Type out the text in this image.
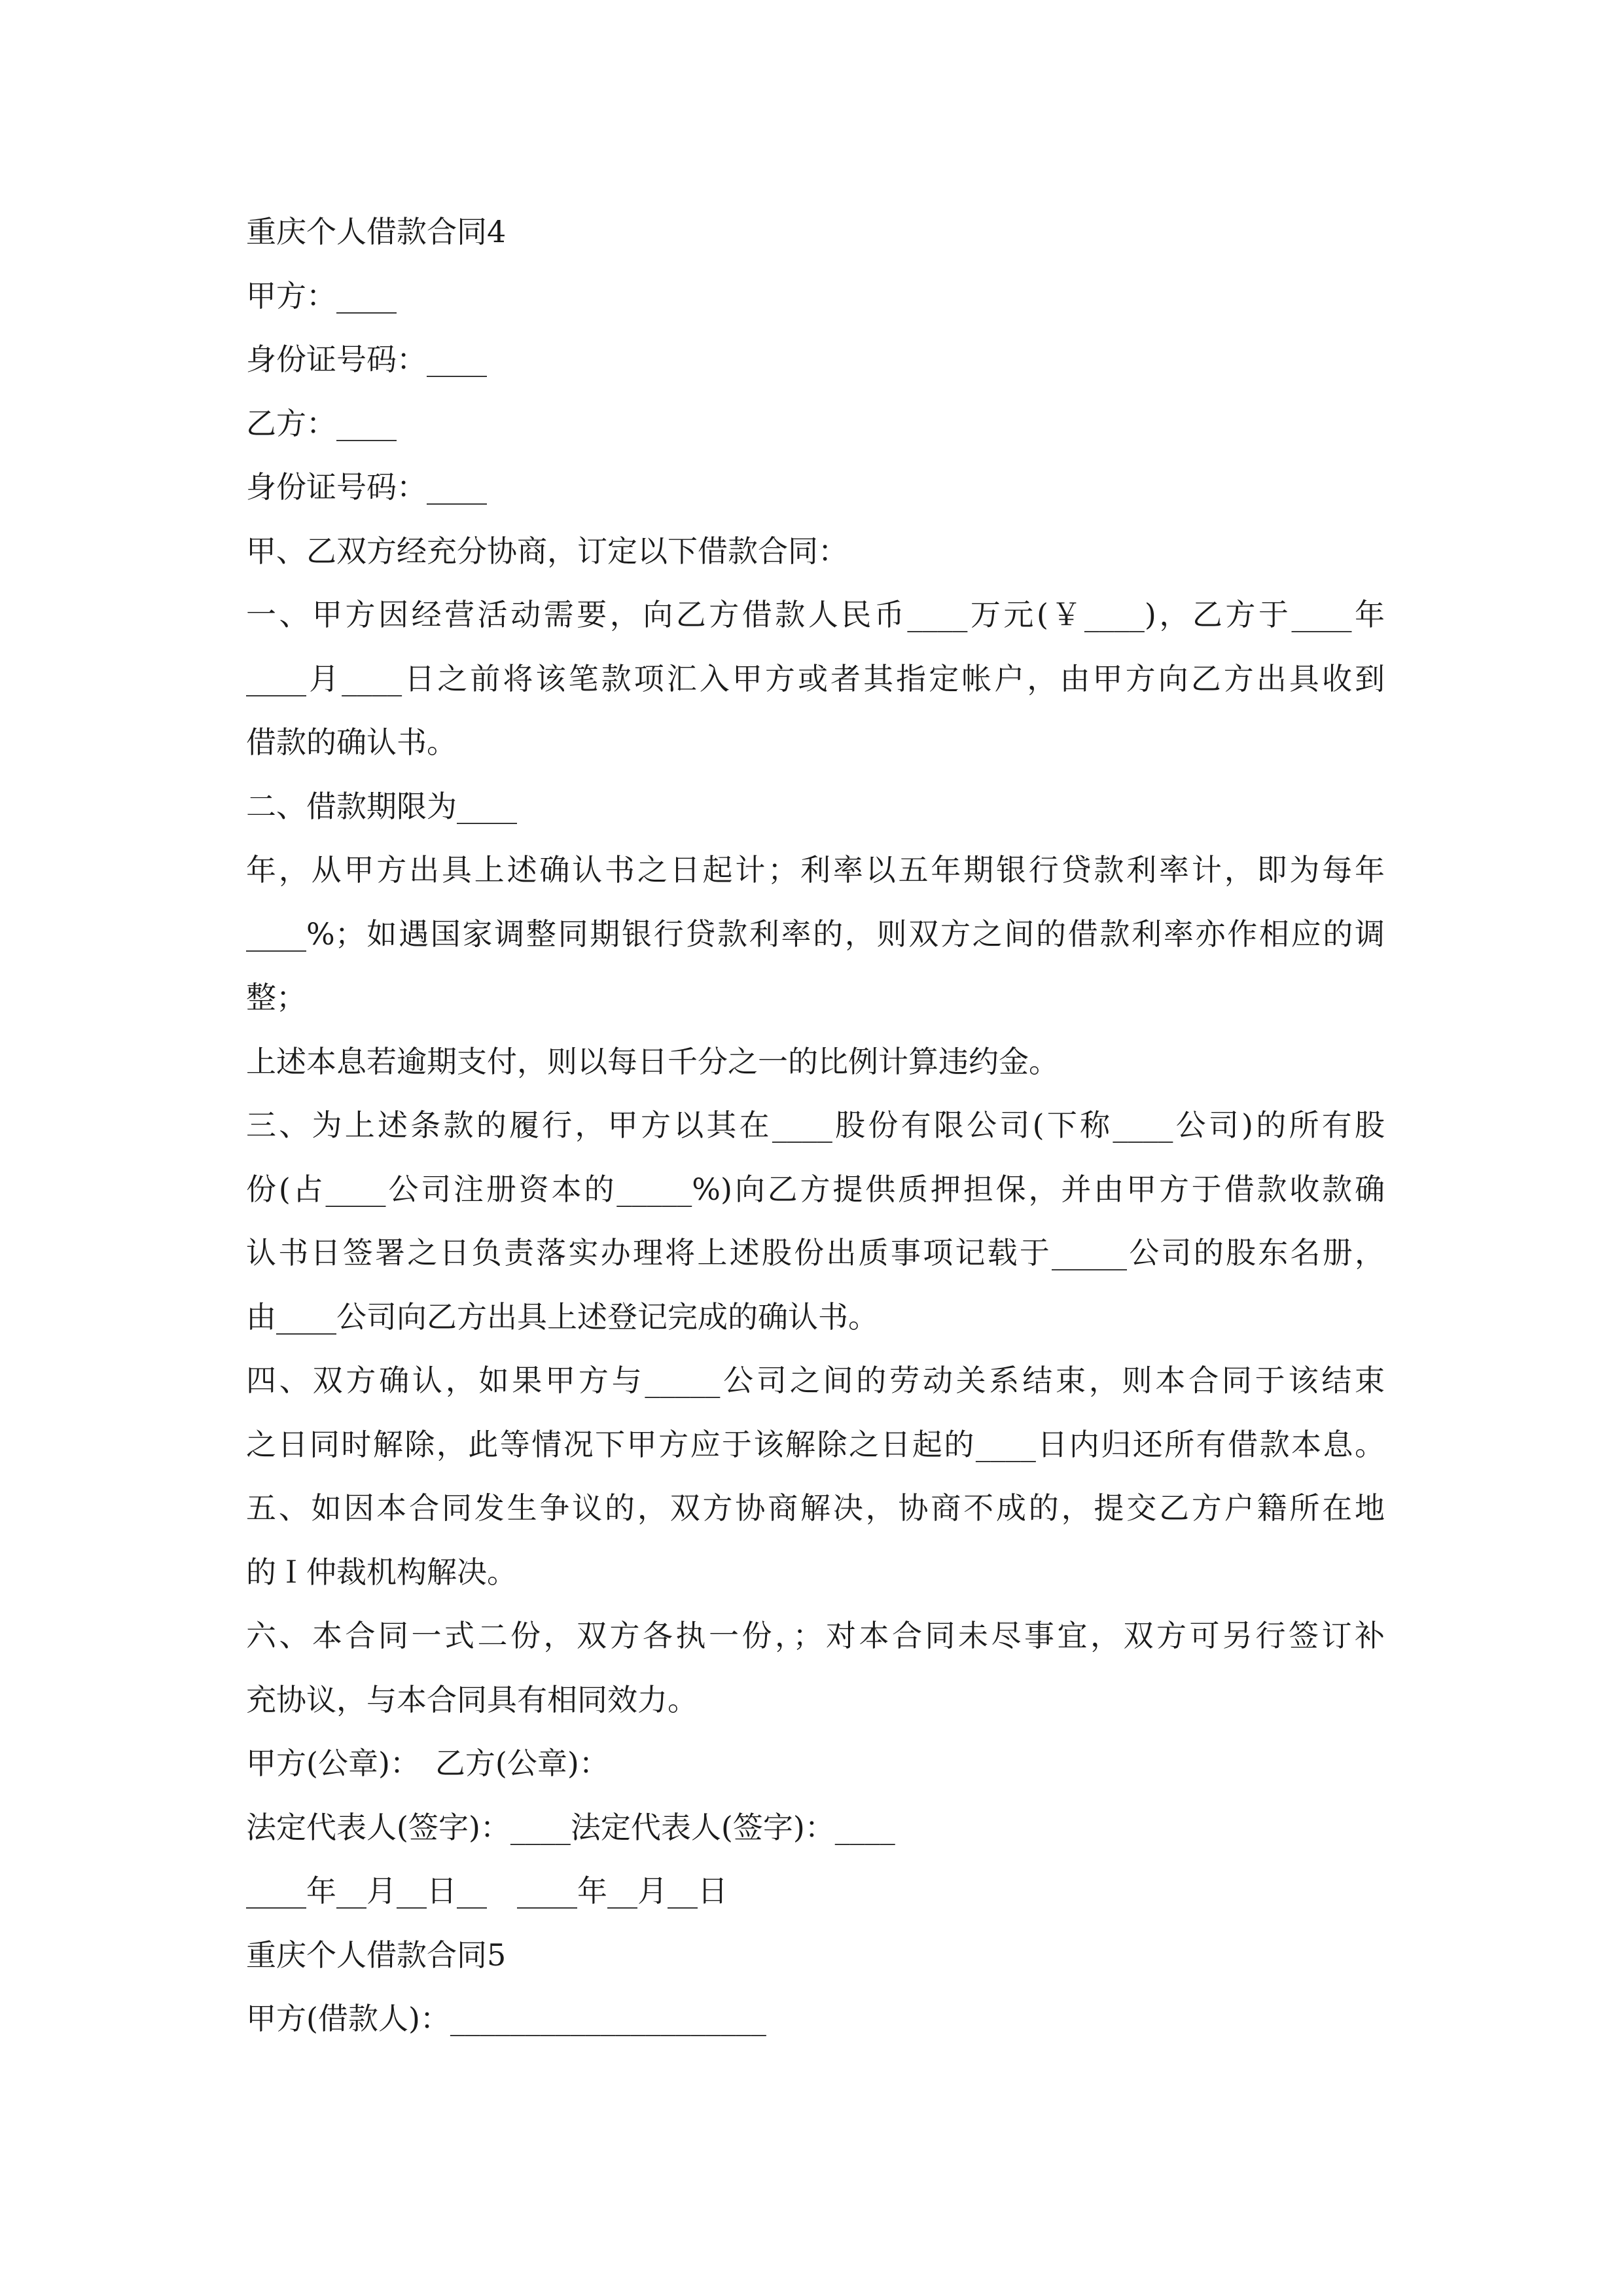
重庆个人借款合同4
甲方：____
身份证号码：____
乙方：____
身份证号码：____
甲、乙双方经充分协商，订定以下借款合同：
一、甲方因经营活动需要，向乙方借款人民币____万元(￥____)，乙方于____年
____月____日之前将该笔款项汇入甲方或者其指定帐户，由甲方向乙方出具收到
借款的确认书。
二、借款期限为____
年，从甲方出具上述确认书之日起计；利率以五年期银行贷款利率计，即为每年
____%；如遇国家调整同期银行贷款利率的，则双方之间的借款利率亦作相应的调
整；
上述本息若逾期支付，则以每日千分之一的比例计算违约金。
三、为上述条款的履行，甲方以其在____股份有限公司(下称____公司)的所有股
份(占____公司注册资本的_____%)向乙方提供质押担保，并由甲方于借款收款确
认书日签署之日负责落实办理将上述股份出质事项记载于_____公司的股东名册，
由____公司向乙方出具上述登记完成的确认书。
四、双方确认，如果甲方与_____公司之间的劳动关系结束，则本合同于该结束
之日同时解除，此等情况下甲方应于该解除之日起的____日内归还所有借款本息。
五、如因本合同发生争议的，双方协商解决，协商不成的，提交乙方户籍所在地
的Ｉ仲裁机构解决。
六、本合同一式二份，双方各执一份，；对本合同未尽事宜，双方可另行签订补
充协议，与本合同具有相同效力。
甲方(公章)：　乙方(公章)：
法定代表人(签字)：____法定代表人(签字)：____
____年__月__日__　____年__月__日
重庆个人借款合同5
甲方(借款人)：_____________________
